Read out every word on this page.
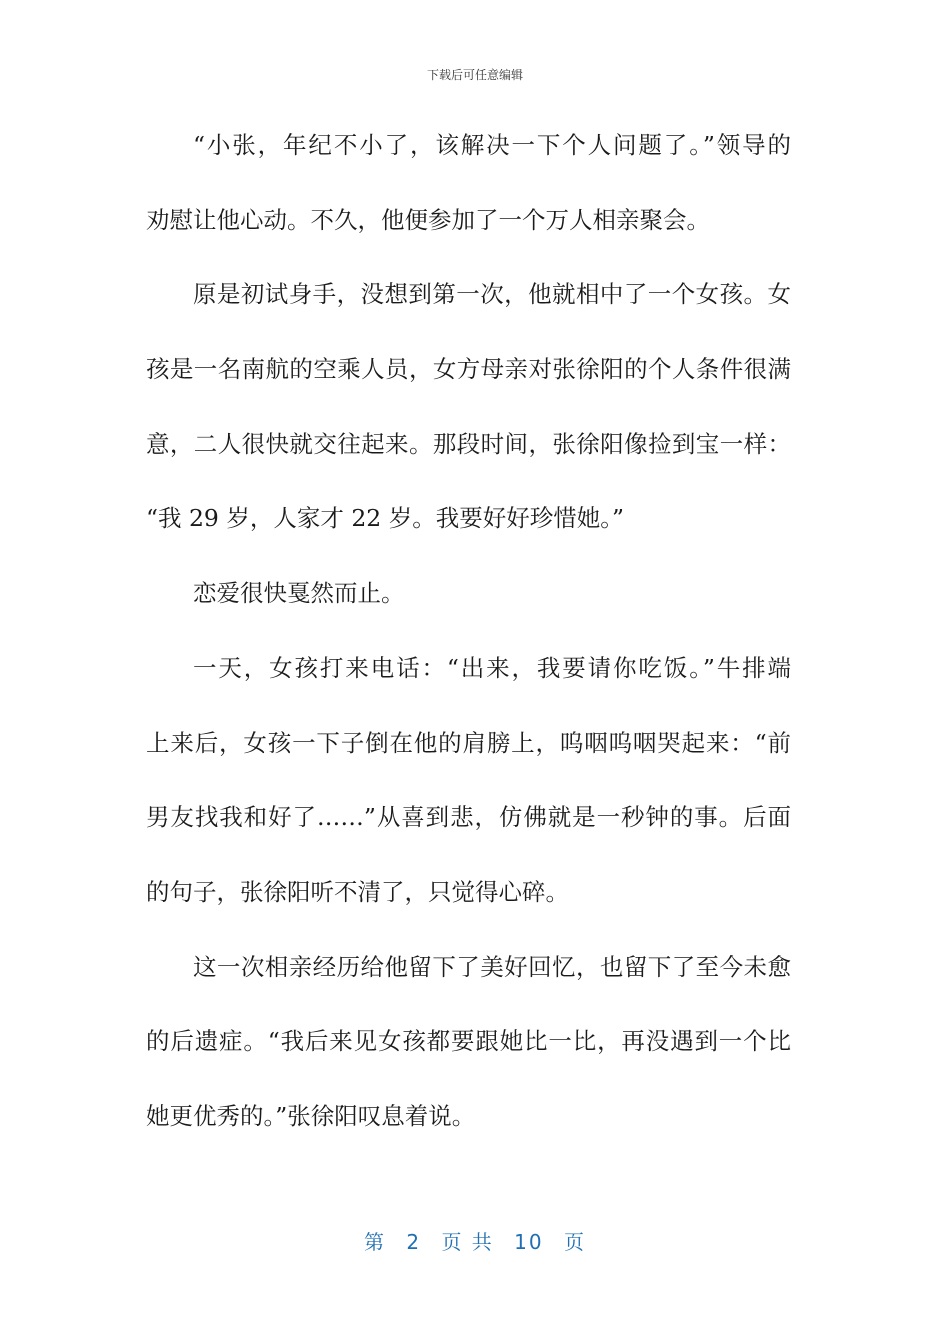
下载后可任意编辑
“小张，年纪不小了，该解决一下个人问题了。”领导的
劝慰让他心动。不久，他便参加了一个万人相亲聚会。
原是初试身手，没想到第一次，他就相中了一个女孩。女
孩是一名南航的空乘人员，女方母亲对张徐阳的个人条件很满
意，二人很快就交往起来。那段时间，张徐阳像捡到宝一样：
“我 29 岁，人家才 22 岁。我要好好珍惜她。”
恋爱很快戛然而止。
一天，女孩打来电话：“出来，我要请你吃饭。”牛排端
上来后，女孩一下子倒在他的肩膀上，呜咽呜咽哭起来：“前
男友找我和好了……”从喜到悲，仿佛就是一秒钟的事。后面
的句子，张徐阳听不清了，只觉得心碎。
这一次相亲经历给他留下了美好回忆，也留下了至今未愈
的后遗症。“我后来见女孩都要跟她比一比，再没遇到一个比
她更优秀的。”张徐阳叹息着说。
第 2 页 共 10 页
